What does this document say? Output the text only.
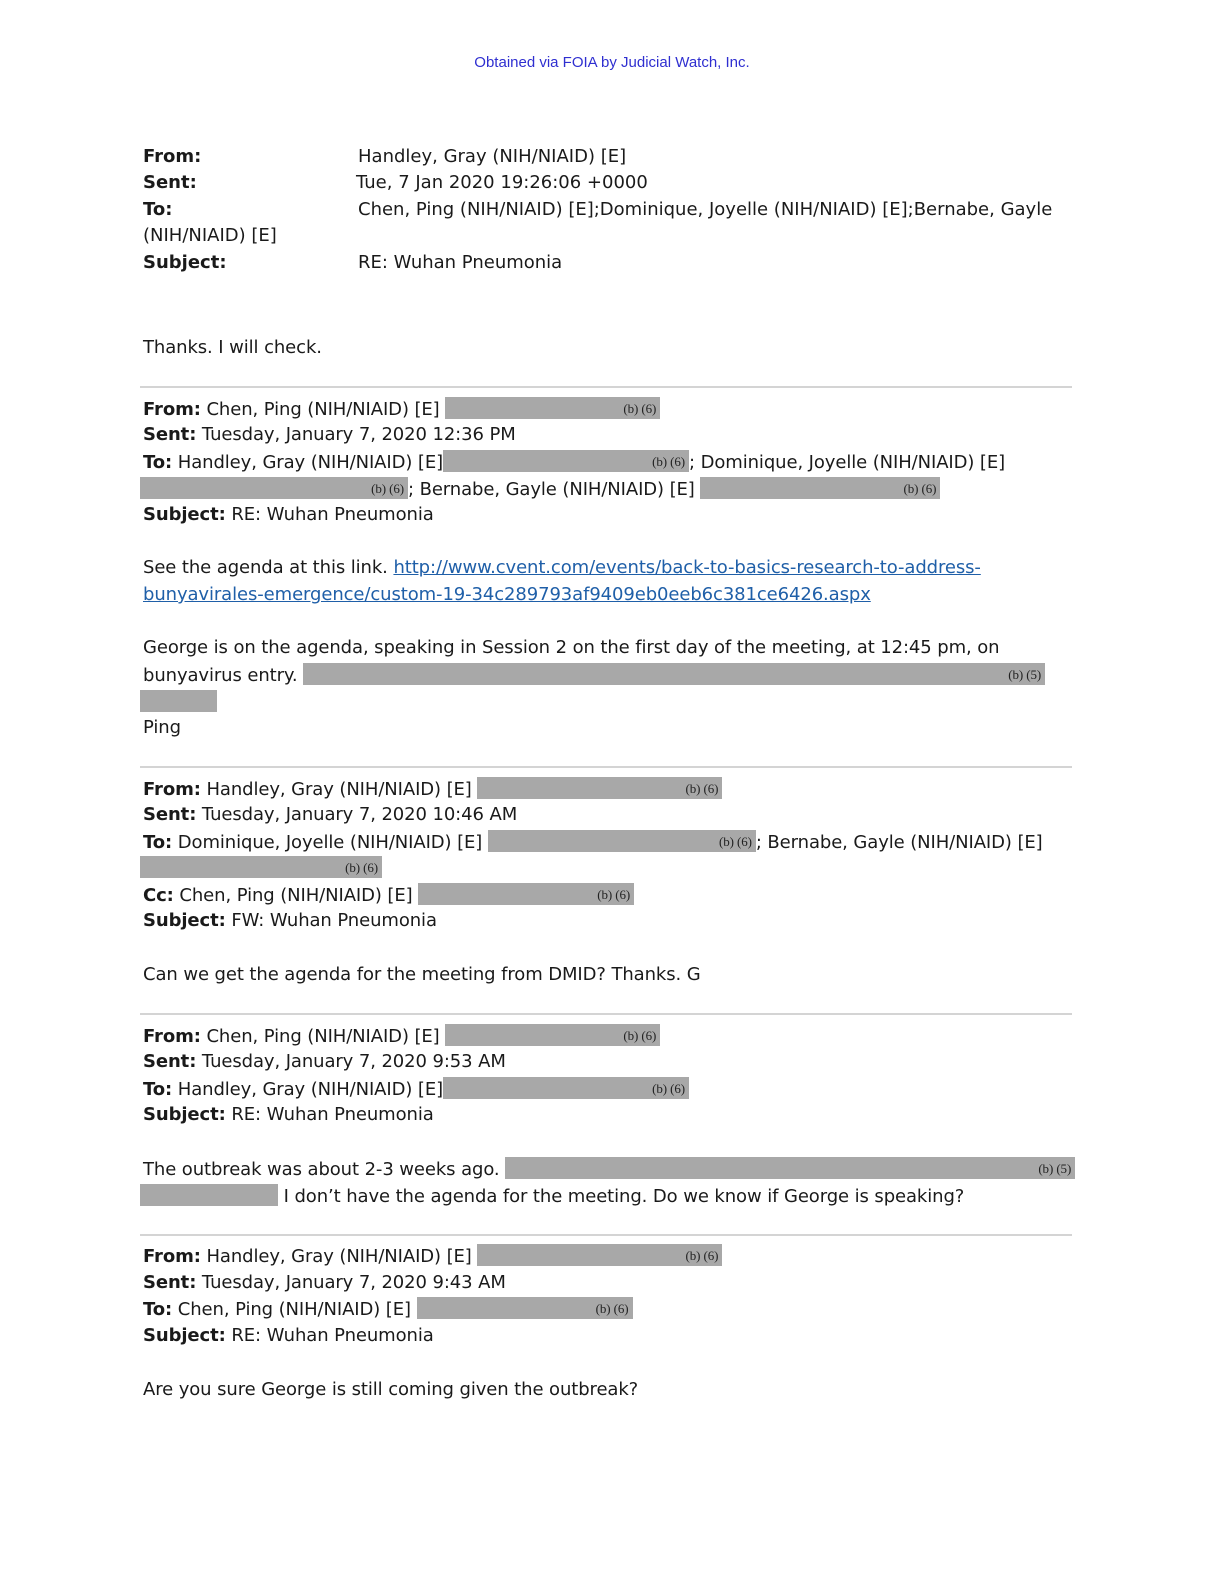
Obtained via FOIA by Judicial Watch, Inc.
From:	Handley, Gray (NIH/NIAID) [E]
Sent:	Tue, 7 Jan 2020 19:26:06 +0000
To:	Chen, Ping (NIH/NIAID) [E];Dominique, Joyelle (NIH/NIAID) [E];Bernabe, Gayle
(NIH/NIAID) [E]
Subject:	RE: Wuhan Pneumonia
Thanks. I will check.
From: Chen, Ping (NIH/NIAID) [E]	(b) (6)
Sent: Tuesday, January 7, 2020 12:36 PM
To: Handley, Gray (NIH/NIAID) [E]	(b) (6) ; Dominique, Joyelle (NIH/NIAID) [E]
(b) (6) ; Bernabe, Gayle (NIH/NIAID) [E]	(b) (6)
Subject: RE: Wuhan Pneumonia
See the agenda at this link. http://www.cvent.com/events/back-to-basics-research-to-address-
bunyavirales-emergence/custom-19-34c289793af9409eb0eeb6c381ce6426.aspx
George is on the agenda, speaking in Session 2 on the first day of the meeting, at 12:45 pm, on
bunyavirus entry.	(b) (5)
Ping
From: Handley, Gray (NIH/NIAID) [E]	(b) (6)
Sent: Tuesday, January 7, 2020 10:46 AM
To: Dominique, Joyelle (NIH/NIAID) [E]	(b) (6) ; Bernabe, Gayle (NIH/NIAID) [E]
(b) (6)
Cc: Chen, Ping (NIH/NIAID) [E]	(b) (6)
Subject: FW: Wuhan Pneumonia
Can we get the agenda for the meeting from DMID? Thanks. G
From: Chen, Ping (NIH/NIAID) [E]	(b) (6)
Sent: Tuesday, January 7, 2020 9:53 AM
To: Handley, Gray (NIH/NIAID) [E]	(b) (6)
Subject: RE: Wuhan Pneumonia
The outbreak was about 2-3 weeks ago.	(b) (5)
I don’t have the agenda for the meeting. Do we know if George is speaking?
From: Handley, Gray (NIH/NIAID) [E]	(b) (6)
Sent: Tuesday, January 7, 2020 9:43 AM
To: Chen, Ping (NIH/NIAID) [E]	(b) (6)
Subject: RE: Wuhan Pneumonia
Are you sure George is still coming given the outbreak?
